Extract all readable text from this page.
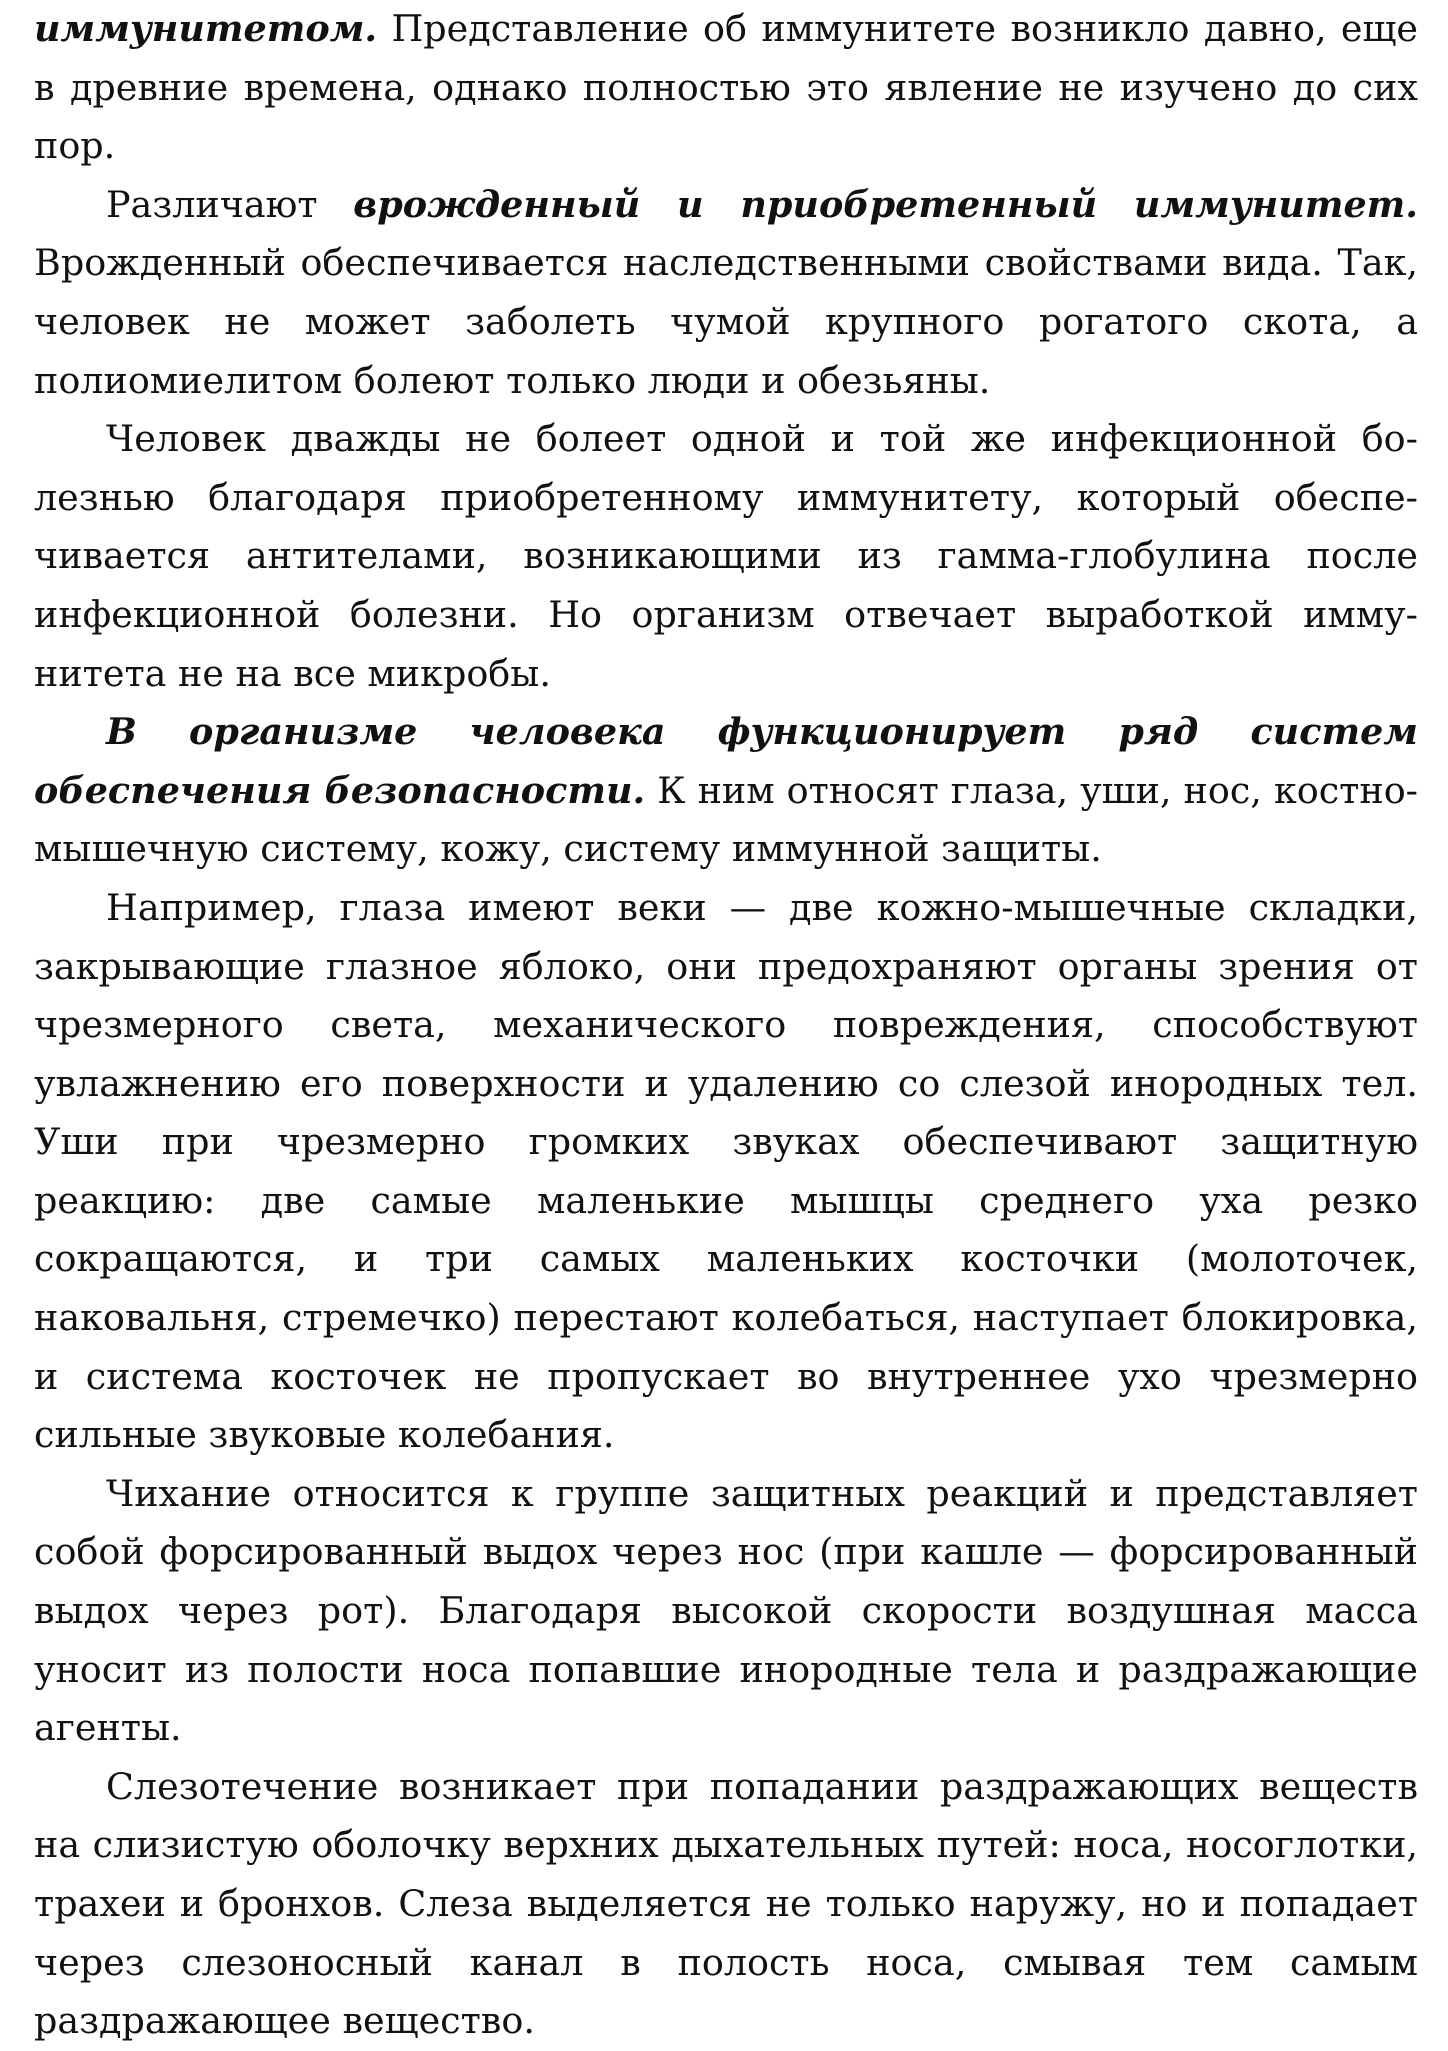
иммунитетом. Представление об иммунитете возникло давно, еще в древние времена, однако полностью это явление не изучено до сих пор.

Различают врожденный и приобретенный иммунитет. Врожденный обеспечивается наследственными свойствами вида. Так, человек не может заболеть чумой крупного рогатого скота, а полиомиелитом болеют только люди и обезьяны.

Человек дважды не болеет одной и той же инфекционной болезнью благодаря приобретенному иммунитету, который обеспечивается антителами, возникающими из гамма-глобулина после инфекционной болезни. Но организм отвечает выработкой иммунитета не на все микробы.

В организме человека функционирует ряд систем обеспечения безопасности. К ним относят глаза, уши, нос, костно-мышечную систему, кожу, систему иммунной защиты.

Например, глаза имеют веки — две кожно-мышечные складки, закрывающие глазное яблоко, они предохраняют органы зрения от чрезмерного света, механического повреждения, способствуют увлажнению его поверхности и удалению со слезой инородных тел. Уши при чрезмерно громких звуках обеспечивают защитную реакцию: две самые маленькие мышцы среднего уха резко сокращаются, и три самых маленьких косточки (молоточек, наковальня, стремечко) перестают колебаться, наступает блокировка, и система косточек не пропускает во внутреннее ухо чрезмерно сильные звуковые колебания.

Чихание относится к группе защитных реакций и представляет собой форсированный выдох через нос (при кашле — форсированный выдох через рот). Благодаря высокой скорости воздушная масса уносит из полости носа попавшие инородные тела и раздражающие агенты.

Слезотечение возникает при попадании раздражающих веществ на слизистую оболочку верхних дыхательных путей: носа, носоглотки, трахеи и бронхов. Слеза выделяется не только наружу, но и попадает через слезоносный канал в полость носа, смывая тем самым раздражающее вещество.
